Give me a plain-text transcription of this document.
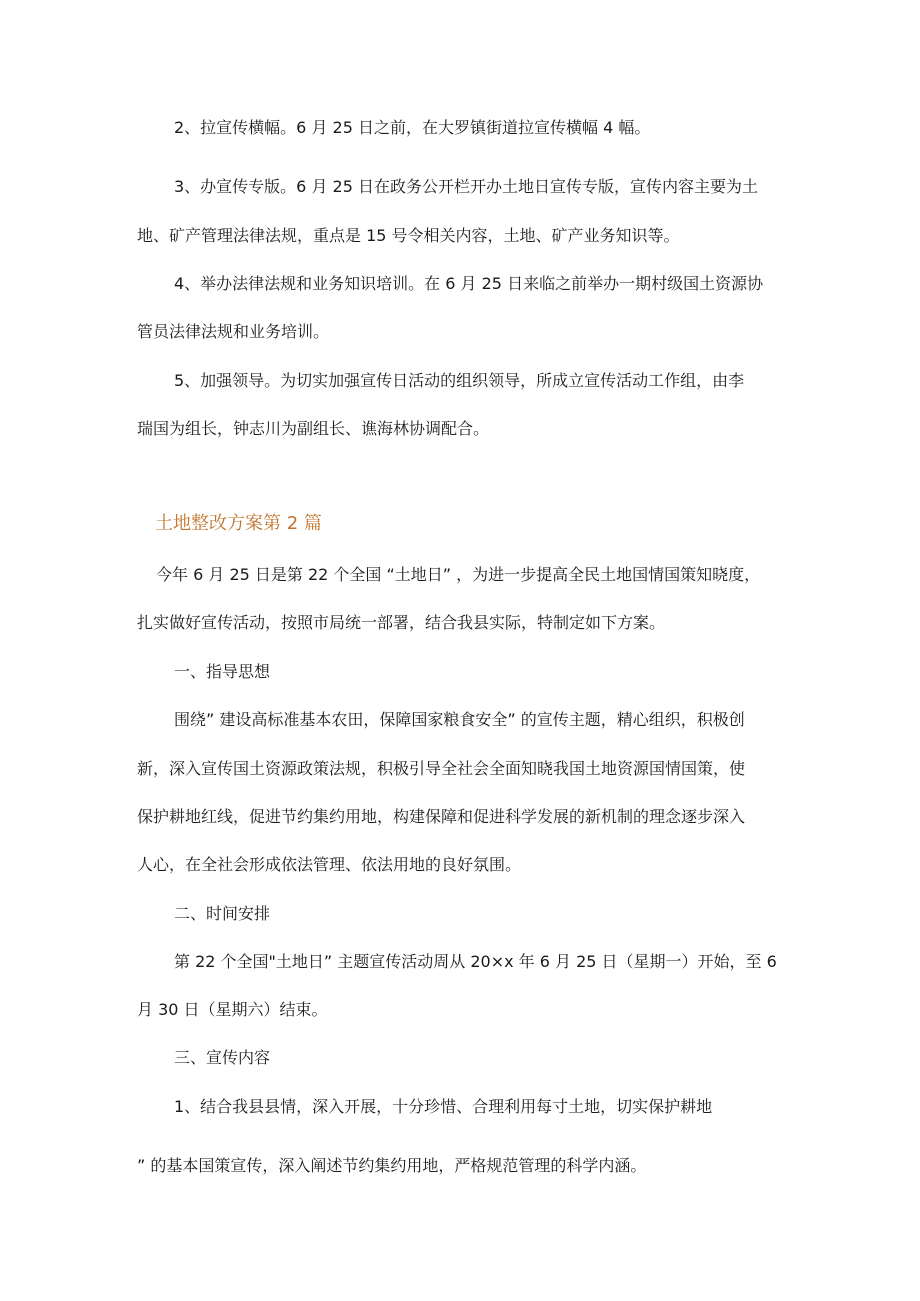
2、拉宣传横幅。6 月 25 日之前，在大罗镇街道拉宣传横幅 4 幅。
3、办宣传专版。6 月 25 日在政务公开栏开办土地日宣传专版，宣传内容主要为土
地、矿产管理法律法规，重点是 15 号令相关内容，土地、矿产业务知识等。
4、举办法律法规和业务知识培训。在 6 月 25 日来临之前举办一期村级国土资源协
管员法律法规和业务培训。
5、加强领导。为切实加强宣传日活动的组织领导，所成立宣传活动工作组，由李
瑞国为组长，钟志川为副组长、谯海林协调配合。
土地整改方案第 2 篇
今年 6 月 25 日是第 22 个全国 “土地日” ，为进一步提高全民土地国情国策知晓度，
扎实做好宣传活动，按照市局统一部署，结合我县实际，特制定如下方案。
一、指导思想
围绕” 建设高标准基本农田，保障国家粮食安全” 的宣传主题，精心组织，积极创
新，深入宣传国土资源政策法规，积极引导全社会全面知晓我国土地资源国情国策，使
保护耕地红线，促进节约集约用地，构建保障和促进科学发展的新机制的理念逐步深入
人心，在全社会形成依法管理、依法用地的良好氛围。
二、时间安排
第 22 个全国"土地日” 主题宣传活动周从 20×x 年 6 月 25 日（星期一）开始，至 6
月 30 日（星期六）结束。
三、宣传内容
1、结合我县县情，深入开展，十分珍惜、合理利用每寸土地，切实保护耕地
” 的基本国策宣传，深入阐述节约集约用地，严格规范管理的科学内涵。
